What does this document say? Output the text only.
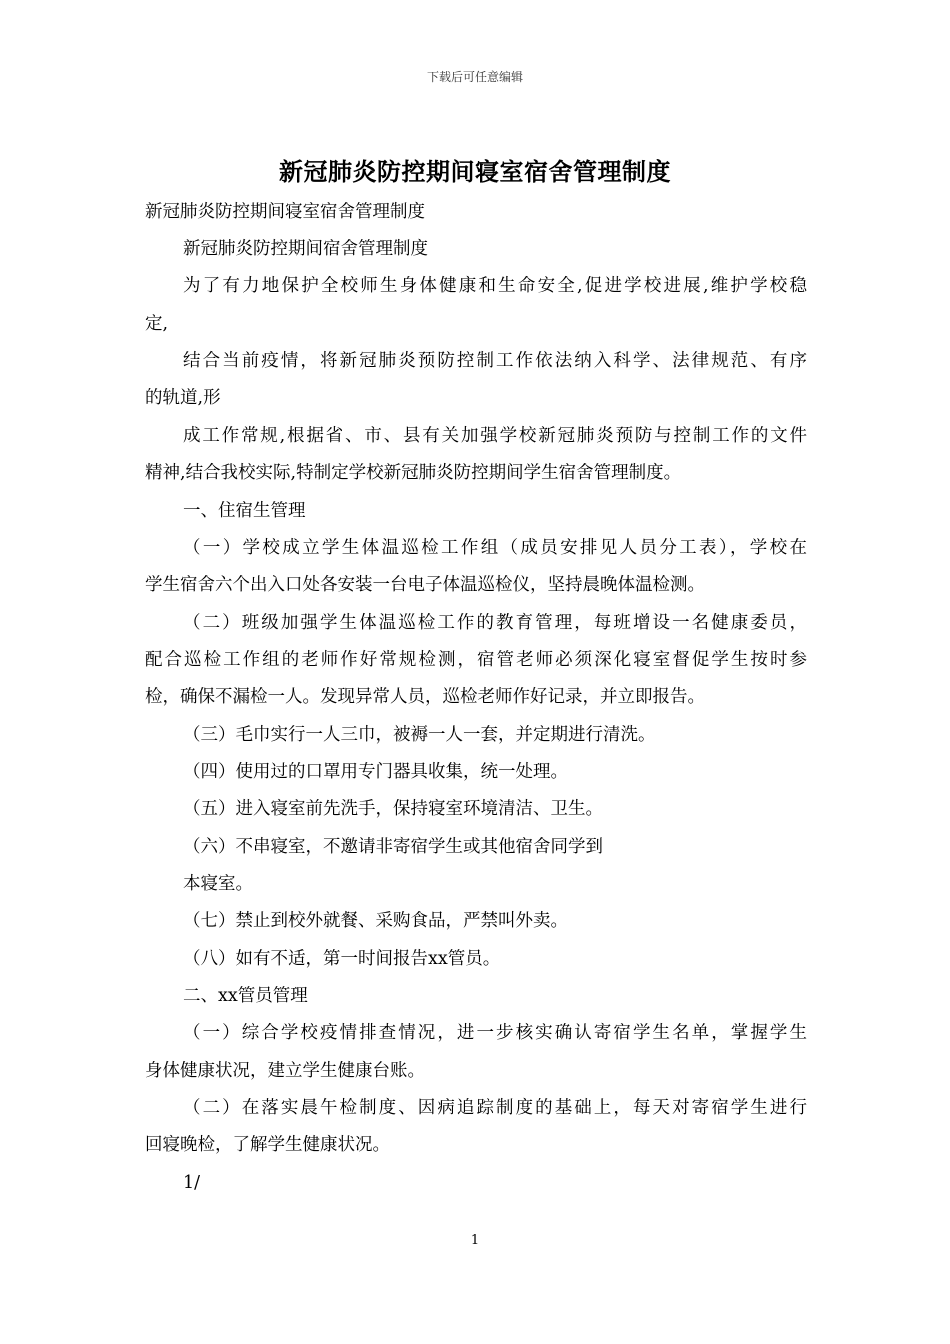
下载后可任意编辑
新冠肺炎防控期间寝室宿舍管理制度
新冠肺炎防控期间寝室宿舍管理制度
新冠肺炎防控期间宿舍管理制度
为了有力地保护全校师生身体健康和生命安全,促进学校进展,维护学校稳
定,
结合当前疫情，将新冠肺炎预防控制工作依法纳入科学、法律规范、有序
的轨道,形
成工作常规,根据省、市、县有关加强学校新冠肺炎预防与控制工作的文件
精神,结合我校实际,特制定学校新冠肺炎防控期间学生宿舍管理制度。
一、住宿生管理
（一）学校成立学生体温巡检工作组（成员安排见人员分工表），学校在
学生宿舍六个出入口处各安装一台电子体温巡检仪，坚持晨晚体温检测。
（二）班级加强学生体温巡检工作的教育管理，每班增设一名健康委员，
配合巡检工作组的老师作好常规检测，宿管老师必须深化寝室督促学生按时参
检，确保不漏检一人。发现异常人员，巡检老师作好记录，并立即报告。
（三）毛巾实行一人三巾，被褥一人一套，并定期进行清洗。
（四）使用过的口罩用专门器具收集，统一处理。
（五）进入寝室前先洗手，保持寝室环境清洁、卫生。
（六）不串寝室，不邀请非寄宿学生或其他宿舍同学到
本寝室。
（七）禁止到校外就餐、采购食品，严禁叫外卖。
（八）如有不适，第一时间报告xx管员。
二、xx管员管理
（一）综合学校疫情排查情况，进一步核实确认寄宿学生名单，掌握学生
身体健康状况，建立学生健康台账。
（二）在落实晨午检制度、因病追踪制度的基础上，每天对寄宿学生进行
回寝晚检，了解学生健康状况。
1/
1
